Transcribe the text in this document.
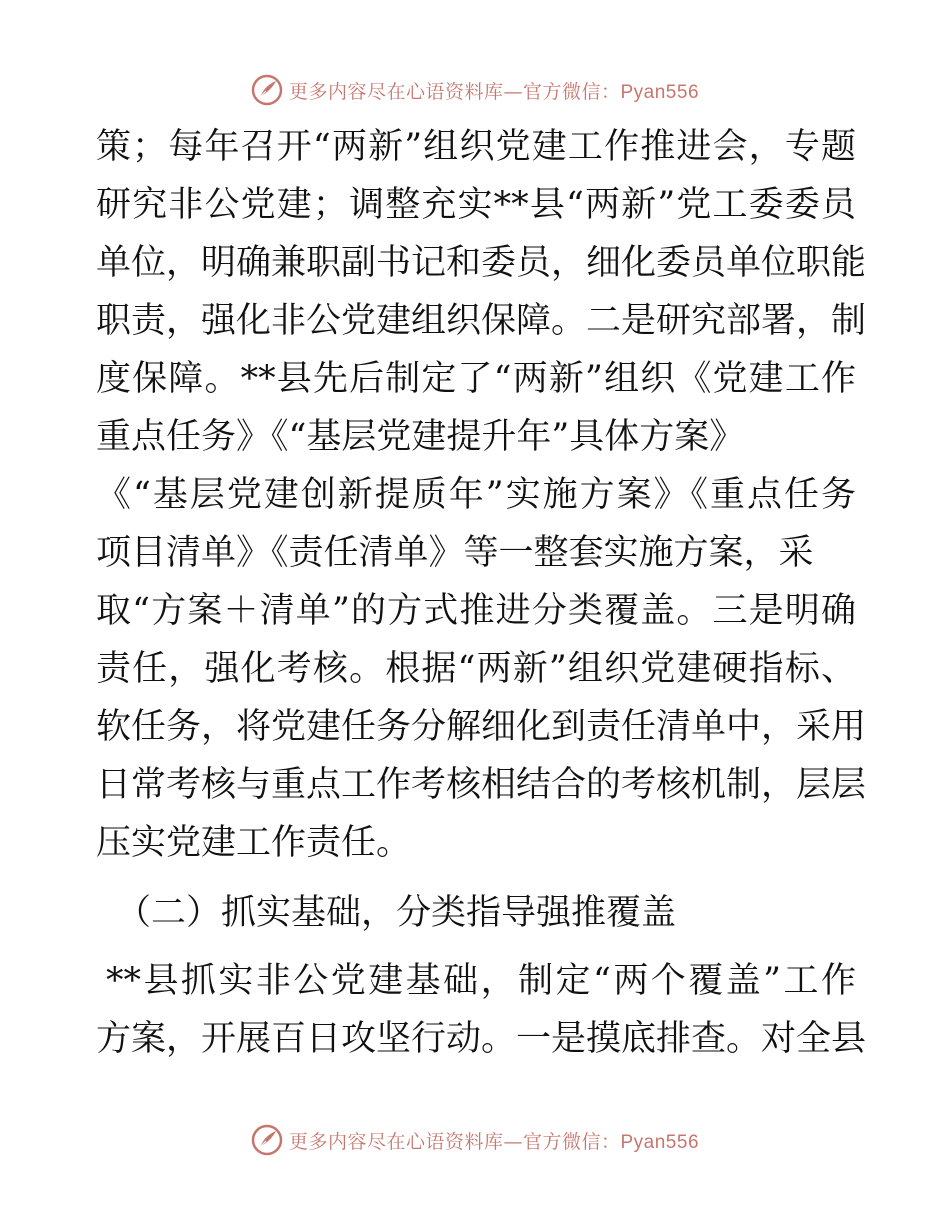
更多内容尽在心语资料库—官方微信：Pyan556
策；每年召开“两新”组织党建工作推进会，专题
研究非公党建；调整充实**县“两新”党工委委员
单位，明确兼职副书记和委员，细化委员单位职能
职责，强化非公党建组织保障。二是研究部署，制
度保障。**县先后制定了“两新”组织《党建工作
重点任务》《“基层党建提升年”具体方案》
《“基层党建创新提质年”实施方案》《重点任务
项目清单》《责任清单》等一整套实施方案，采
取“方案＋清单”的方式推进分类覆盖。三是明确
责任，强化考核。根据“两新”组织党建硬指标、
软任务，将党建任务分解细化到责任清单中，采用
日常考核与重点工作考核相结合的考核机制，层层
压实党建工作责任。
（二）抓实基础，分类指导强推覆盖
**县抓实非公党建基础，制定“两个覆盖”工作
方案，开展百日攻坚行动。一是摸底排查。对全县
更多内容尽在心语资料库—官方微信：Pyan556
